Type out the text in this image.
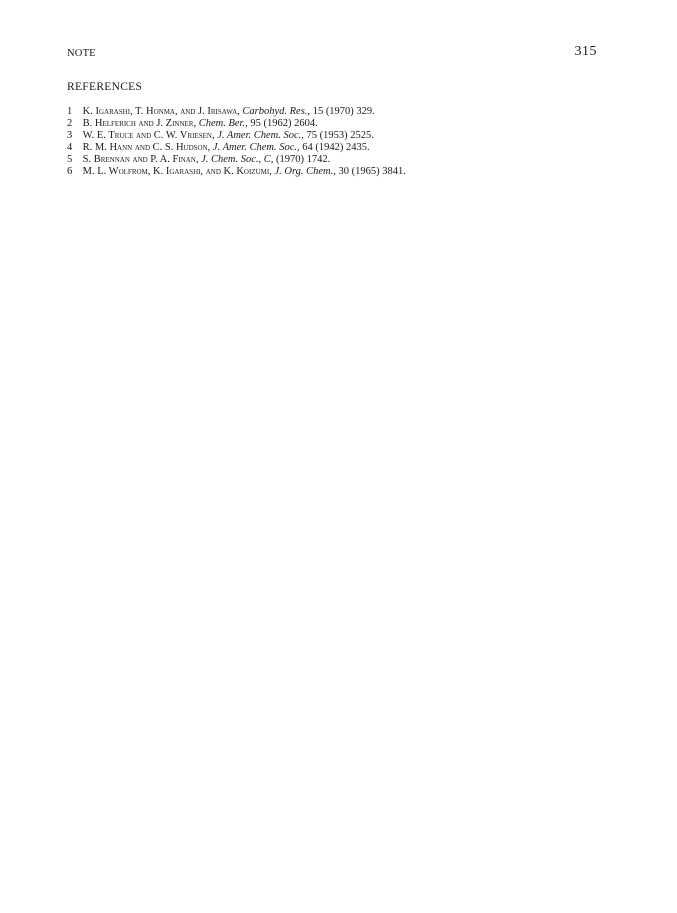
NOTE	315
REFERENCES
1 K. Igarashi, T. Honma, and J. Irisawa, Carbohyd. Res., 15 (1970) 329.
2 B. Helferich and J. Zinner, Chem. Ber., 95 (1962) 2604.
3 W. E. Truce and C. W. Vriesen, J. Amer. Chem. Soc., 75 (1953) 2525.
4 R. M. Hann and C. S. Hudson, J. Amer. Chem. Soc., 64 (1942) 2435.
5 S. Brennan and P. A. Finan, J. Chem. Soc., C, (1970) 1742.
6 M. L. Wolfrom, K. Igarashi, and K. Koizumi, J. Org. Chem., 30 (1965) 3841.
